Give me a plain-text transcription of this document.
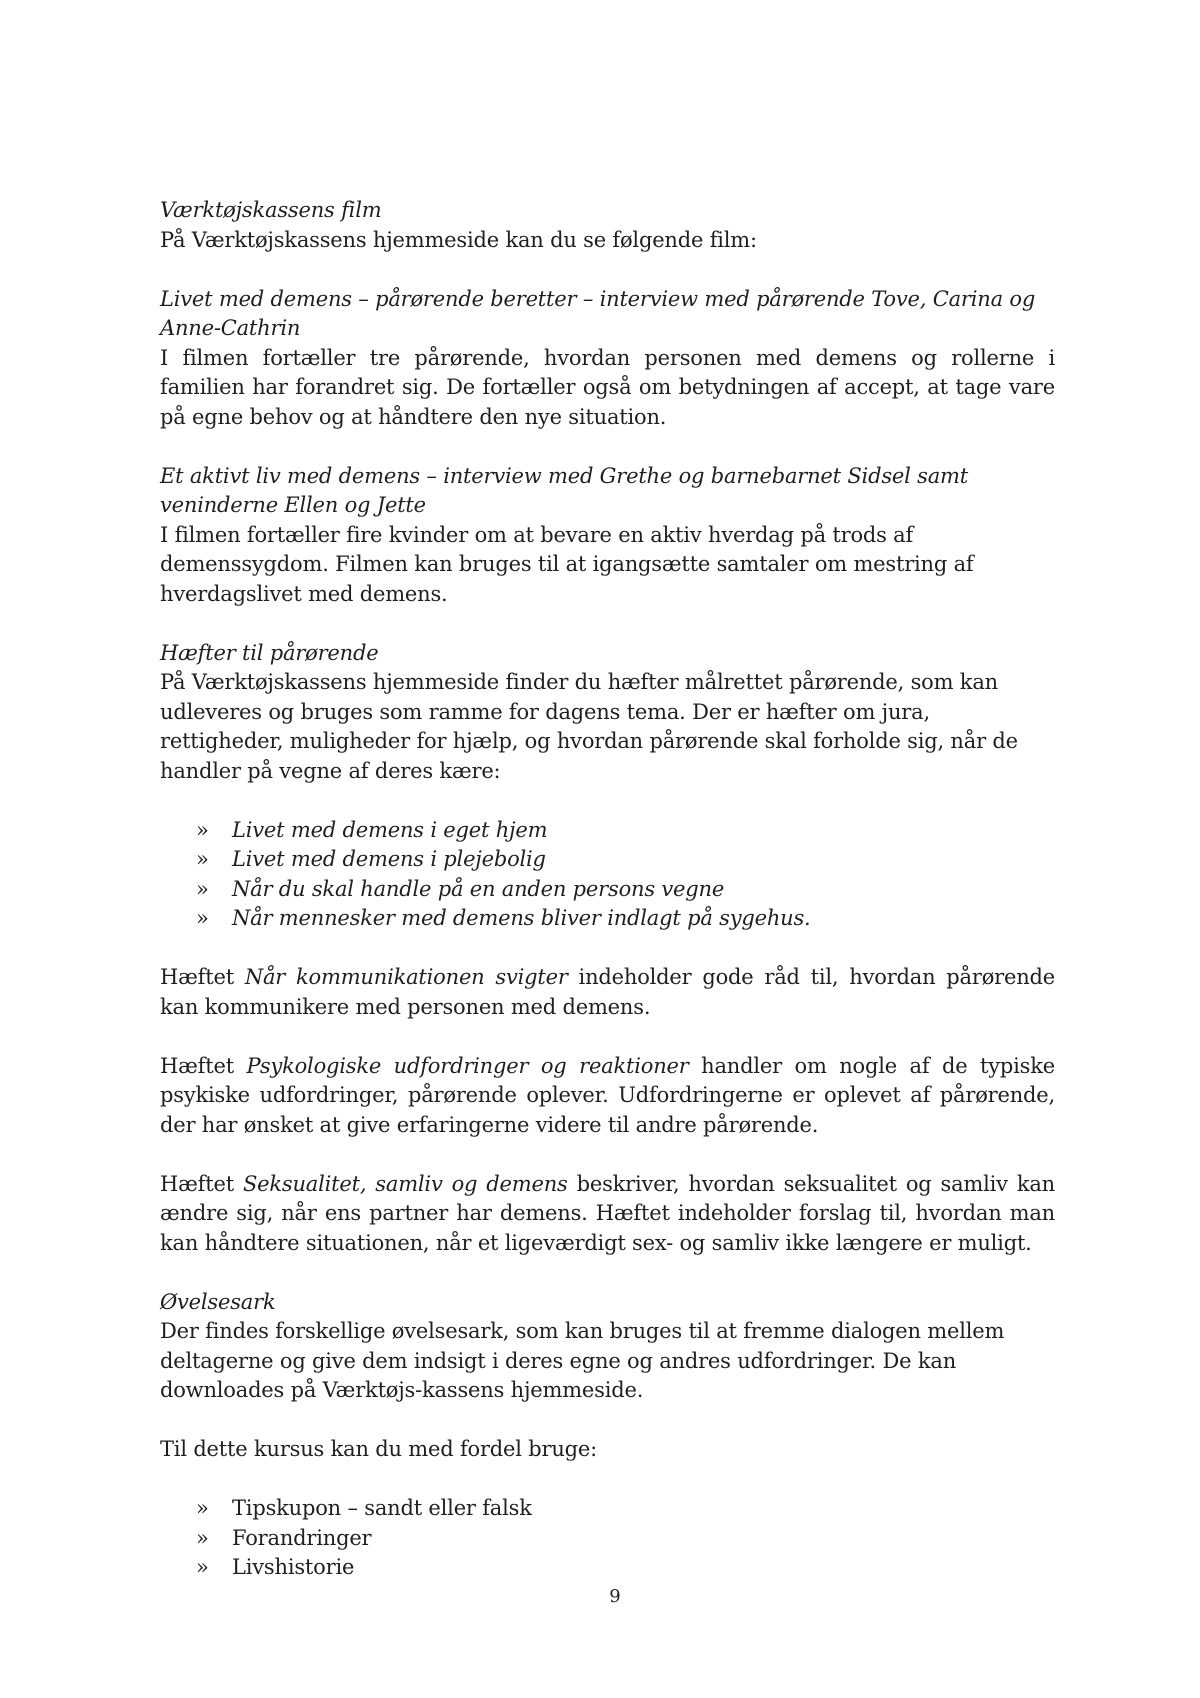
Værktøjskassens film
På Værktøjskassens hjemmeside kan du se følgende film:
Livet med demens – pårørende beretter – interview med pårørende Tove, Carina og Anne-Cathrin
I filmen fortæller tre pårørende, hvordan personen med demens og rollerne i familien har forandret sig. De fortæller også om betydningen af accept, at tage vare på egne behov og at håndtere den nye situation.
Et aktivt liv med demens – interview med Grethe og barnebarnet Sidsel samt veninderne Ellen og Jette
I filmen fortæller fire kvinder om at bevare en aktiv hverdag på trods af demenssygdom. Filmen kan bruges til at igangsætte samtaler om mestring af hverdagslivet med demens.
Hæfter til pårørende
På Værktøjskassens hjemmeside finder du hæfter målrettet pårørende, som kan udleveres og bruges som ramme for dagens tema. Der er hæfter om jura, rettigheder, muligheder for hjælp, og hvordan pårørende skal forholde sig, når de handler på vegne af deres kære:
»	Livet med demens i eget hjem
»	Livet med demens i plejebolig
»	Når du skal handle på en anden persons vegne
»	Når mennesker med demens bliver indlagt på sygehus.

Hæftet Når kommunikationen svigter indeholder gode råd til, hvordan pårørende kan kommunikere med personen med demens.

Hæftet Psykologiske udfordringer og reaktioner handler om nogle af de typiske psykiske udfordringer, pårørende oplever. Udfordringerne er oplevet af pårørende, der har ønsket at give erfaringerne videre til andre pårørende.

Hæftet Seksualitet, samliv og demens beskriver, hvordan seksualitet og samliv kan ændre sig, når ens partner har demens. Hæftet indeholder forslag til, hvordan man kan håndtere situationen, når et ligeværdigt sex- og samliv ikke længere er muligt.

Øvelsesark
Der findes forskellige øvelsesark, som kan bruges til at fremme dialogen mellem deltagerne og give dem indsigt i deres egne og andres udfordringer. De kan downloades på Værktøjs-kassens hjemmeside.

Til dette kursus kan du med fordel bruge:

»	Tipskupon – sandt eller falsk
»	Forandringer
»	Livshistorie
9
